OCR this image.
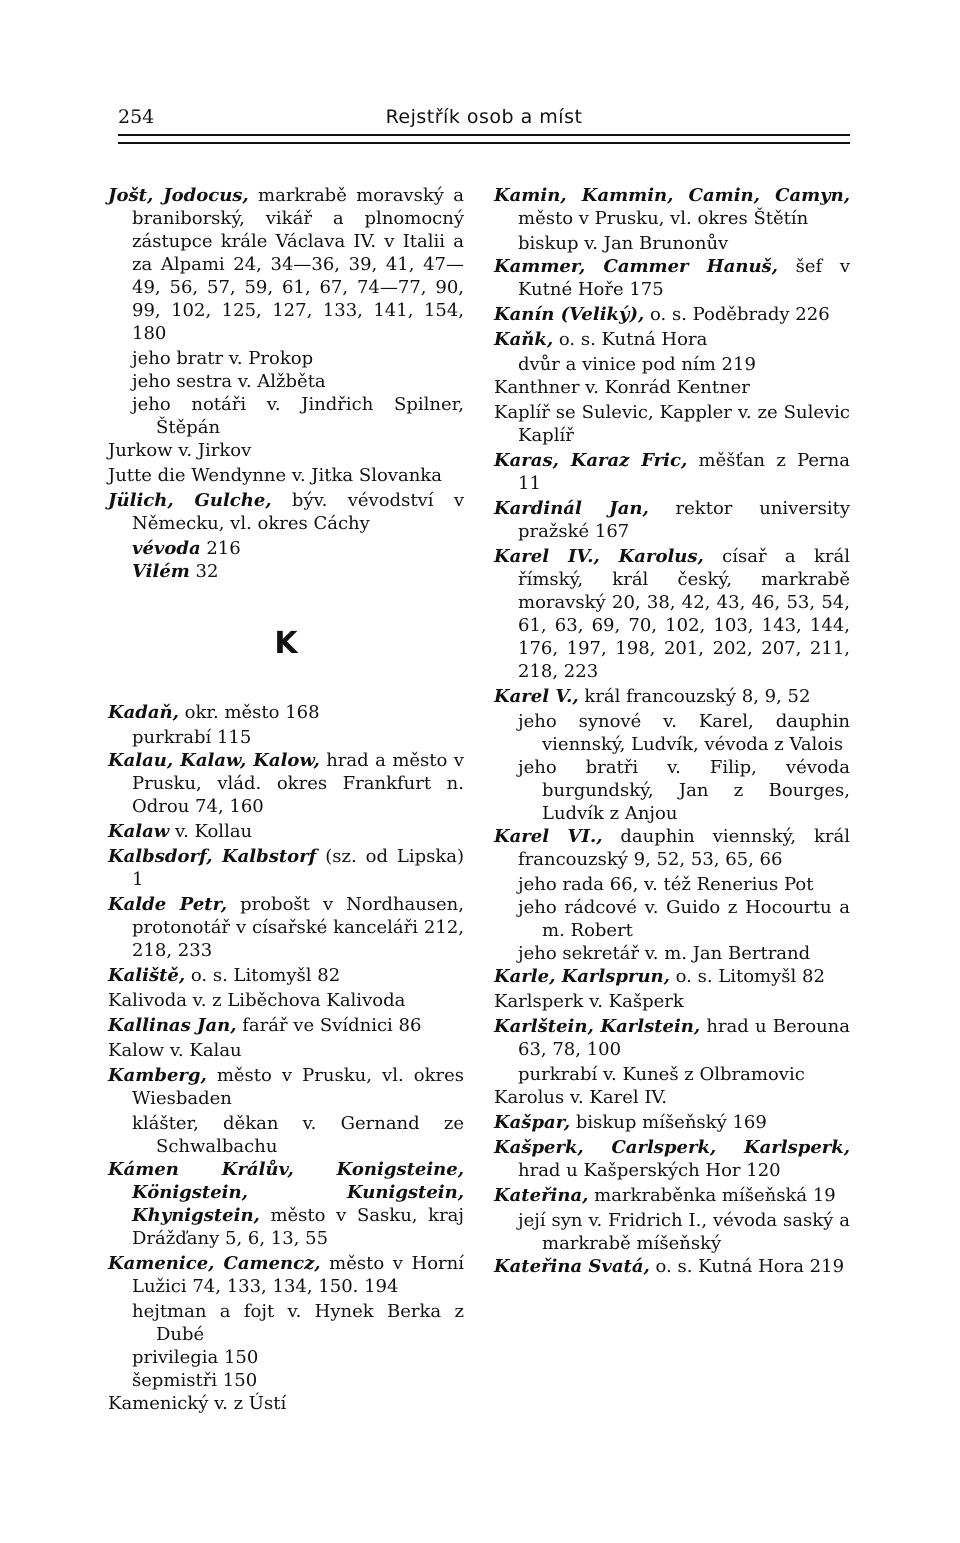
254	Rejstřík osob a míst
Jošt, Jodocus, markrabě moravský a braniborský, vikář a plnomocný zástupce krále Václava IV. v Italii a za Alpami 24, 34—36, 39, 41, 47—49, 56, 57, 59, 61, 67, 74—77, 90, 99, 102, 125, 127, 133, 141, 154, 180
jeho bratr v. Prokop
jeho sestra v. Alžběta
jeho notáři v. Jindřich Spilner, Štěpán
Jurkow v. Jirkov
Jutte die Wendynne v. Jitka Slovanka
Jülich, Gulche, býv. vévodství v Německu, vl. okres Cáchy
vévoda 216
Vilém 32
K
Kadaň, okr. město 168
purkrabí 115
Kalau, Kalaw, Kalow, hrad a město v Prusku, vlád. okres Frankfurt n. Odrou 74, 160
Kalaw v. Kollau
Kalbsdorf, Kalbstorf (sz. od Lipska) 1
Kalde Petr, probošt v Nordhausen, protonotář v císařské kanceláři 212, 218, 233
Kaliště, o. s. Litomyšl 82
Kalivoda v. z Liběchova Kalivoda
Kallinas Jan, farář ve Svídnici 86
Kalow v. Kalau
Kamberg, město v Prusku, vl. okres Wiesbaden
klášter, děkan v. Gernand ze Schwalbachu
Kámen Králův, Konigsteine, Königstein, Kunigstein, Khynigstein, město v Sasku, kraj Drážďany 5, 6, 13, 55
Kamenice, Camencz, město v Horní Lužici 74, 133, 134, 150. 194
hejtman a fojt v. Hynek Berka z Dubé
privilegia 150
šepmistři 150
Kamenický v. z Ústí
Kamin, Kammin, Camin, Camyn, město v Prusku, vl. okres Štětín
biskup v. Jan Brunonův
Kammer, Cammer Hanuš, šef v Kutné Hoře 175
Kanín (Veliký), o. s. Poděbrady 226
Kaňk, o. s. Kutná Hora
dvůr a vinice pod ním 219
Kanthner v. Konrád Kentner
Kaplíř se Sulevic, Kappler v. ze Sulevic Kaplíř
Karas, Karaz Fric, měšťan z Perna 11
Kardinál Jan, rektor university pražské 167
Karel IV., Karolus, císař a král římský, král český, markrabě moravský 20, 38, 42, 43, 46, 53, 54, 61, 63, 69, 70, 102, 103, 143, 144, 176, 197, 198, 201, 202, 207, 211, 218, 223
Karel V., král francouzský 8, 9, 52
jeho synové v. Karel, dauphin viennský, Ludvík, vévoda z Valois
jeho bratři v. Filip, vévoda burgundský, Jan z Bourges, Ludvík z Anjou
Karel VI., dauphin viennský, král francouzský 9, 52, 53, 65, 66
jeho rada 66, v. též Renerius Pot
jeho rádcové v. Guido z Hocourtu a m. Robert
jeho sekretář v. m. Jan Bertrand
Karle, Karlsprun, o. s. Litomyšl 82
Karlsperk v. Kašperk
Karlštein, Karlstein, hrad u Berouna 63, 78, 100
purkrabí v. Kuneš z Olbramovic
Karolus v. Karel IV.
Kašpar, biskup míšeňský 169
Kašperk, Carlsperk, Karlsperk, hrad u Kašperských Hor 120
Kateřina, markraběnka míšeňská 19
její syn v. Fridrich I., vévoda saský a markrabě míšeňský
Kateřina Svatá, o. s. Kutná Hora 219
